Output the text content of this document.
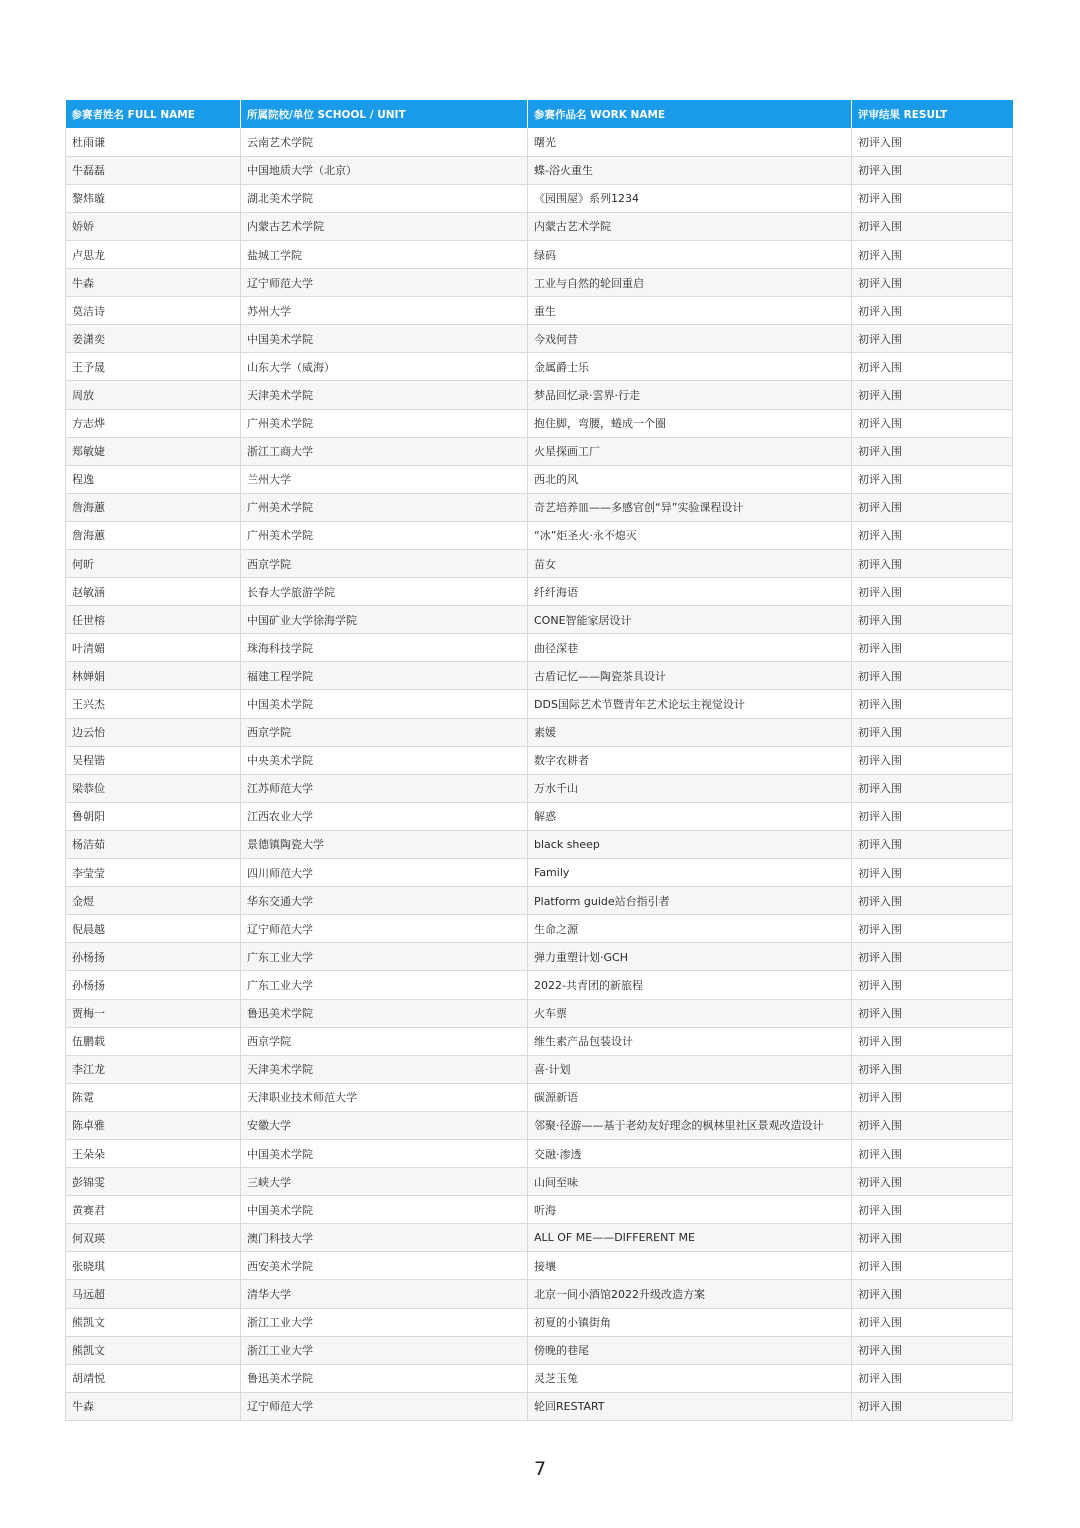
参赛者姓名 FULL NAME	所属院校/单位 SCHOOL / UNIT	参赛作品名 WORK NAME	评审结果 RESULT
杜雨谦	云南艺术学院	曙光	初评入围
牛磊磊	中国地质大学（北京）	蝶-浴火重生	初评入围
黎炜璇	湖北美术学院	《园围屋》系列1234	初评入围
娇娇	内蒙古艺术学院	内蒙古艺术学院	初评入围
卢思龙	盐城工学院	绿码	初评入围
牛森	辽宁师范大学	工业与自然的轮回重启	初评入围
莫洁诗	苏州大学	重生	初评入围
姜潇奕	中国美术学院	今戏何昔	初评入围
王予晟	山东大学（威海）	金属爵士乐	初评入围
周放	天津美术学院	梦品回忆录·雲界·行走	初评入围
方志烨	广州美术学院	抱住脚，弯腰，蜷成一个圈	初评入围
郑敏婕	浙江工商大学	火星探画工厂	初评入围
程逸	兰州大学	西北的风	初评入围
詹海蕙	广州美术学院	奇艺培养皿——多感官创“异”实验课程设计	初评入围
詹海蕙	广州美术学院	“冰”炬圣火·永不熄灭	初评入围
何昕	西京学院	苗女	初评入围
赵敏涵	长春大学旅游学院	纤纤海语	初评入围
任世榕	中国矿业大学徐海学院	CONE智能家居设计	初评入围
叶清媚	珠海科技学院	曲径深巷	初评入围
林婵娟	福建工程学院	古盾记忆——陶瓷茶具设计	初评入围
王兴杰	中国美术学院	DDS国际艺术节暨青年艺术论坛主视觉设计	初评入围
边云怡	西京学院	素媛	初评入围
吴程锴	中央美术学院	数字农耕者	初评入围
梁恭俭	江苏师范大学	万水千山	初评入围
鲁朝阳	江西农业大学	解惑	初评入围
杨洁茹	景德镇陶瓷大学	black sheep	初评入围
李莹莹	四川师范大学	Family	初评入围
金煜	华东交通大学	Platform guide站台指引者	初评入围
倪晨越	辽宁师范大学	生命之源	初评入围
孙杨扬	广东工业大学	弹力重塑计划·GCH	初评入围
孙杨扬	广东工业大学	2022-共青团的新旅程	初评入围
贾梅一	鲁迅美术学院	火车票	初评入围
伍鹏载	西京学院	维生素产品包装设计	初评入围
李江龙	天津美术学院	喜·计划	初评入围
陈霓	天津职业技术师范大学	碳源新语	初评入围
陈卓雅	安徽大学	邻聚·径游——基于老幼友好理念的枫林里社区景观改造设计	初评入围
王朵朵	中国美术学院	交融·渗透	初评入围
彭锦雯	三峡大学	山间至味	初评入围
黄赛君	中国美术学院	听海	初评入围
何双瑛	澳门科技大学	ALL OF ME——DIFFERENT ME	初评入围
张晓琪	西安美术学院	接壤	初评入围
马远超	清华大学	北京一间小酒馆2022升级改造方案	初评入围
熊凯文	浙江工业大学	初夏的小镇街角	初评入围
熊凯文	浙江工业大学	傍晚的巷尾	初评入围
胡靖悦	鲁迅美术学院	灵芝玉兔	初评入围
牛森	辽宁师范大学	轮回RESTART	初评入围
7
